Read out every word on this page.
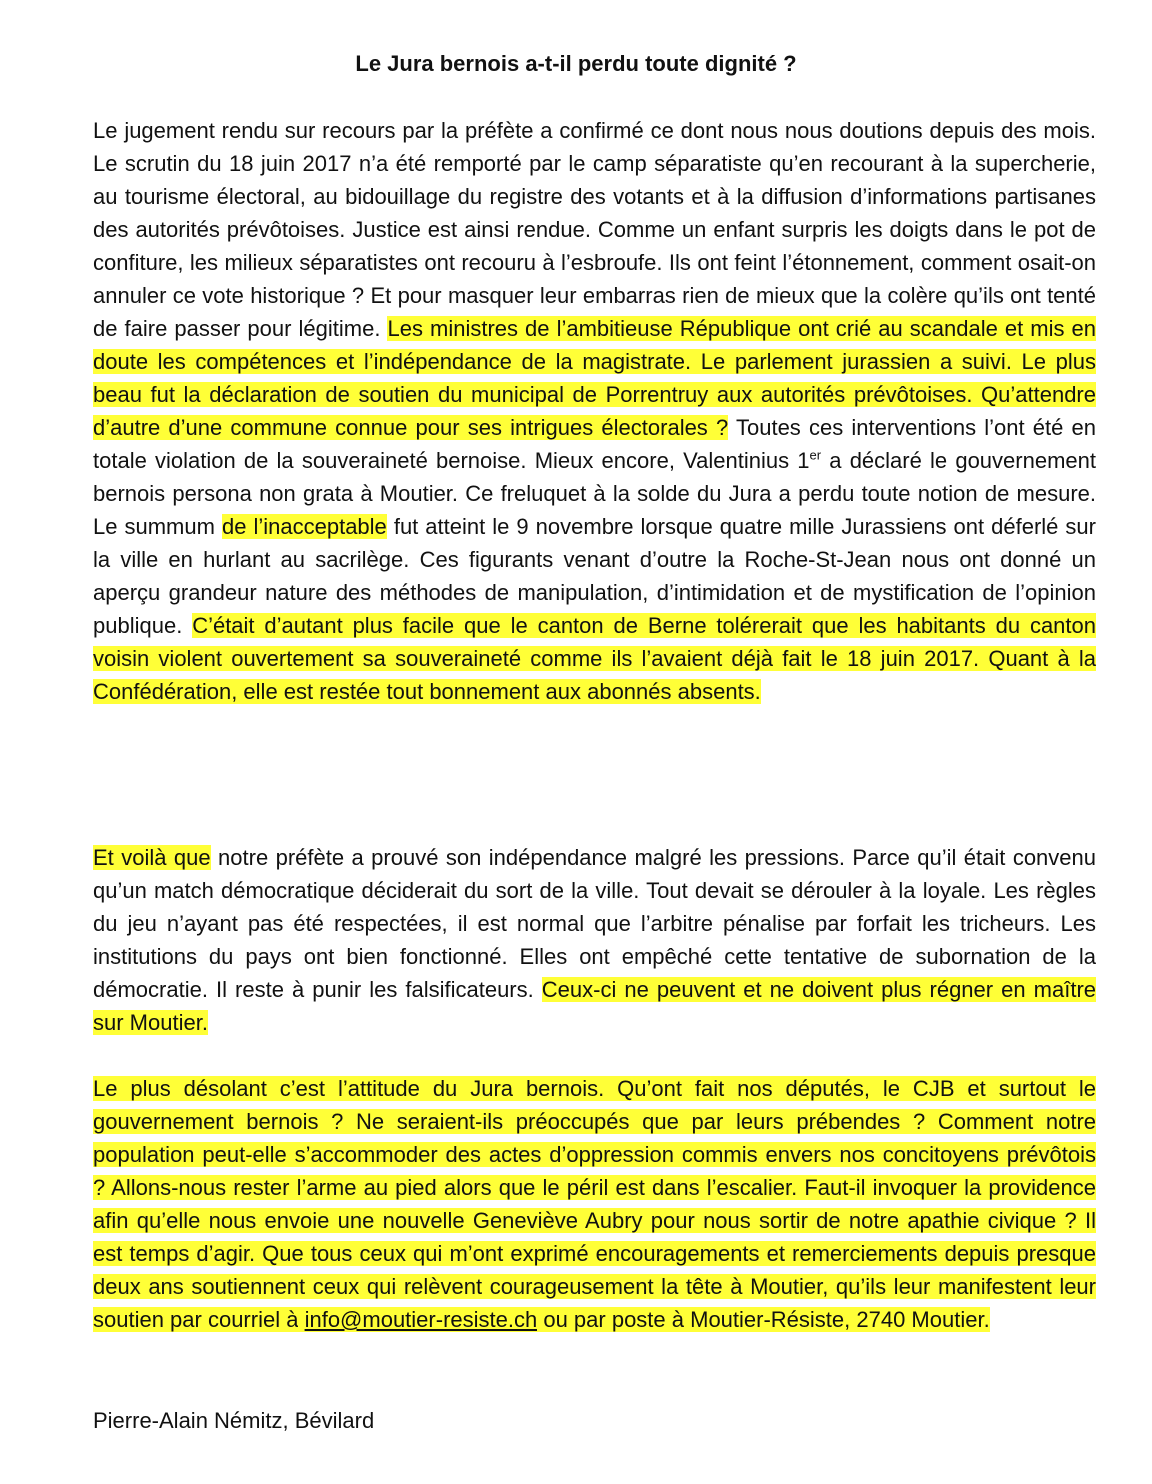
Le Jura bernois a-t-il perdu toute dignité ?

Le jugement rendu sur recours par la préfète a confirmé ce dont nous nous doutions depuis des mois. Le scrutin du 18 juin 2017 n’a été remporté par le camp séparatiste qu’en recourant à la supercherie, au tourisme électoral, au bidouillage du registre des votants et à la diffusion d’informations partisanes des autorités prévôtoises. Justice est ainsi rendue. Comme un enfant surpris les doigts dans le pot de confiture, les milieux séparatistes ont recouru à l’esbroufe. Ils ont feint l’étonnement, comment osait-on annuler ce vote historique ? Et pour masquer leur embarras rien de mieux que la colère qu’ils ont tenté de faire passer pour légitime. Les ministres de l’ambitieuse République ont crié au scandale et mis en doute les compétences et l’indépendance de la magistrate. Le parlement jurassien a suivi. Le plus beau fut la déclaration de soutien du municipal de Porrentruy aux autorités prévôtoises. Qu’attendre d’autre d’une commune connue pour ses intrigues électorales ? Toutes ces interventions l’ont été en totale violation de la souveraineté bernoise. Mieux encore, Valentinius 1er a déclaré le gouvernement bernois persona non grata à Moutier. Ce freluquet à la solde du Jura a perdu toute notion de mesure. Le summum de l’inacceptable fut atteint le 9 novembre lorsque quatre mille Jurassiens ont déferlé sur la ville en hurlant au sacrilège. Ces figurants venant d’outre la Roche-St-Jean nous ont donné un aperçu grandeur nature des méthodes de manipulation, d’intimidation et de mystification de l’opinion publique. C’était d’autant plus facile que le canton de Berne tolérerait que les habitants du canton voisin violent ouvertement sa souveraineté comme ils l’avaient déjà fait le 18 juin 2017. Quant à la Confédération, elle est restée tout bonnement aux abonnés absents.

Et voilà que notre préfète a prouvé son indépendance malgré les pressions. Parce qu’il était convenu qu’un match démocratique déciderait du sort de la ville. Tout devait se dérouler à la loyale. Les règles du jeu n’ayant pas été respectées, il est normal que l’arbitre pénalise par forfait les tricheurs. Les institutions du pays ont bien fonctionné. Elles ont empêché cette tentative de subornation de la démocratie. Il reste à punir les falsificateurs. Ceux-ci ne peuvent et ne doivent plus régner en maître sur Moutier.

Le plus désolant c’est l’attitude du Jura bernois. Qu’ont fait nos députés, le CJB et surtout le gouvernement bernois ? Ne seraient-ils préoccupés que par leurs prébendes ? Comment notre population peut-elle s’accommoder des actes d’oppression commis envers nos concitoyens prévôtois ? Allons-nous rester l’arme au pied alors que le péril est dans l’escalier. Faut-il invoquer la providence afin qu’elle nous envoie une nouvelle Geneviève Aubry pour nous sortir de notre apathie civique ? Il est temps d’agir. Que tous ceux qui m’ont exprimé encouragements et remerciements depuis presque deux ans soutiennent ceux qui relèvent courageusement la tête à Moutier, qu’ils leur manifestent leur soutien par courriel à info@moutier-resiste.ch ou par poste à Moutier-Résiste, 2740 Moutier.

Pierre-Alain Némitz, Bévilard
